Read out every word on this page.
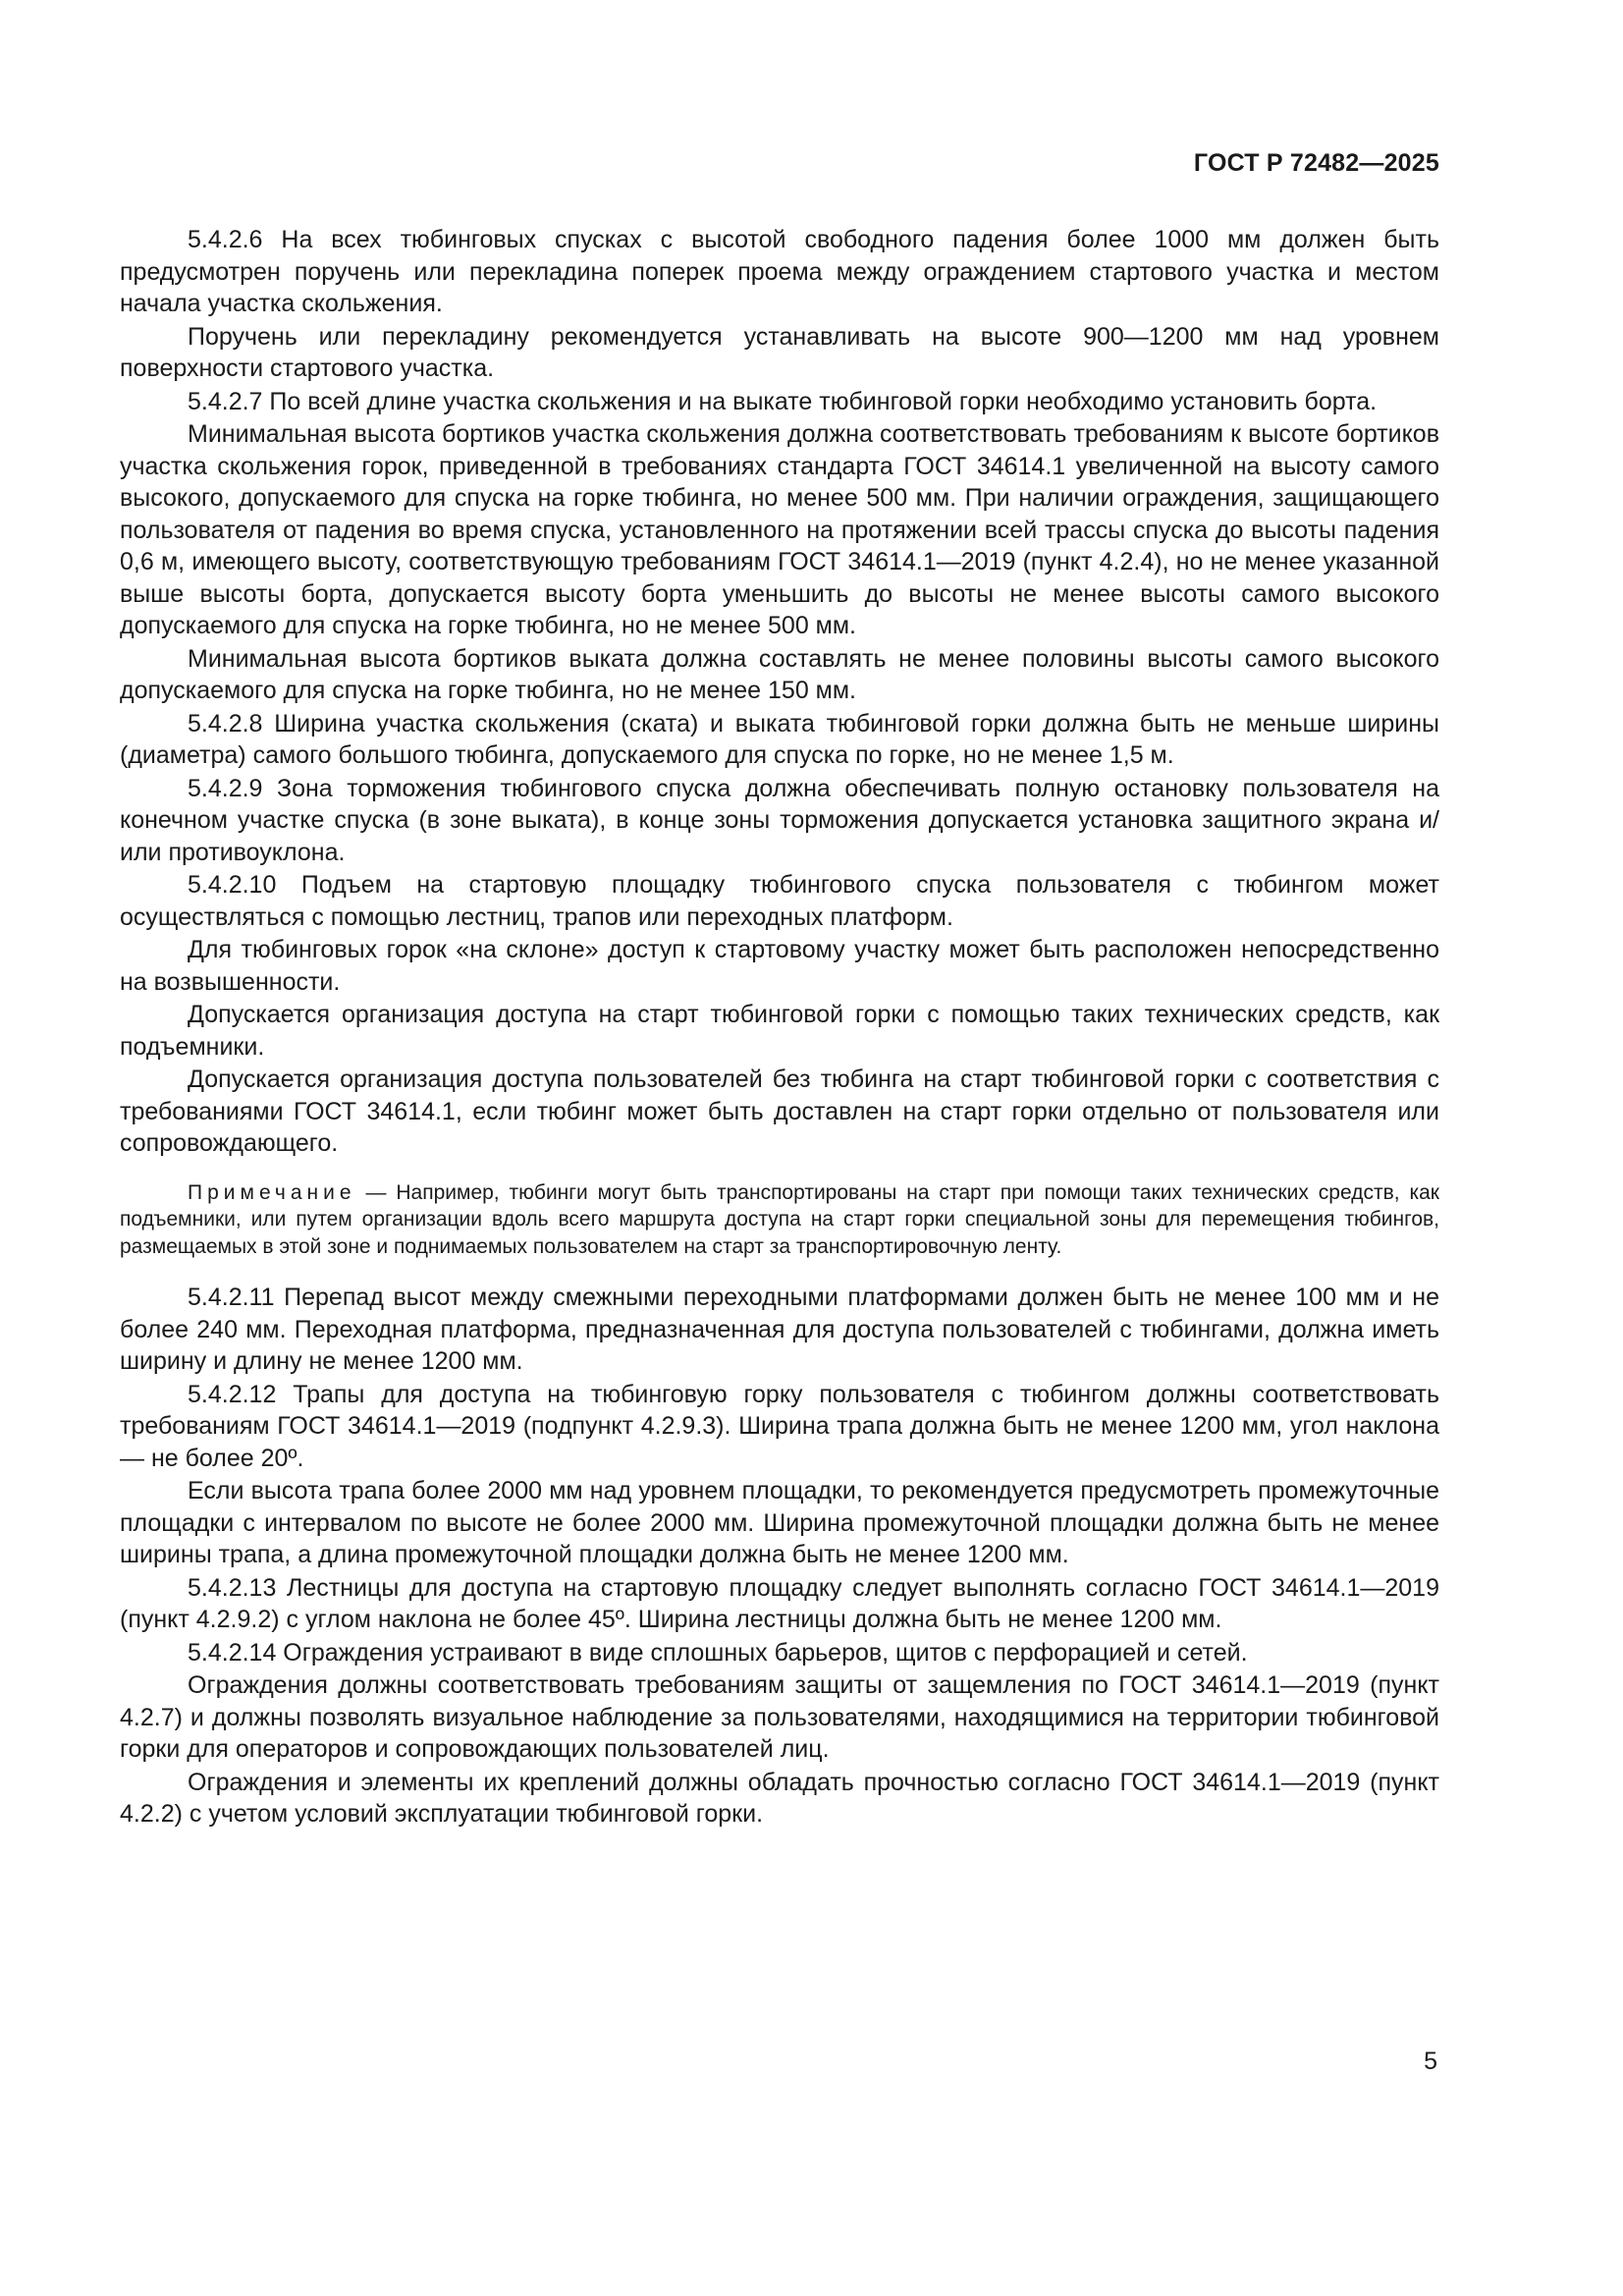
ГОСТ Р 72482—2025

5.4.2.6 На всех тюбинговых спусках с высотой свободного падения более 1000 мм должен быть предусмотрен поручень или перекладина поперек проема между ограждением стартового участка и местом начала участка скольжения.

Поручень или перекладину рекомендуется устанавливать на высоте 900—1200 мм над уровнем поверхности стартового участка.

5.4.2.7 По всей длине участка скольжения и на выкате тюбинговой горки необходимо установить борта.

Минимальная высота бортиков участка скольжения должна соответствовать требованиям к высоте бортиков участка скольжения горок, приведенной в требованиях стандарта ГОСТ 34614.1 увеличенной на высоту самого высокого, допускаемого для спуска на горке тюбинга, но менее 500 мм. При наличии ограждения, защищающего пользователя от падения во время спуска, установленного на протяжении всей трассы спуска до высоты падения 0,6 м, имеющего высоту, соответствующую требованиям ГОСТ 34614.1—2019 (пункт 4.2.4), но не менее указанной выше высоты борта, допускается высоту борта уменьшить до высоты не менее высоты самого высокого допускаемого для спуска на горке тюбинга, но не менее 500 мм.

Минимальная высота бортиков выката должна составлять не менее половины высоты самого высокого допускаемого для спуска на горке тюбинга, но не менее 150 мм.

5.4.2.8 Ширина участка скольжения (ската) и выката тюбинговой горки должна быть не меньше ширины (диаметра) самого большого тюбинга, допускаемого для спуска по горке, но не менее 1,5 м.

5.4.2.9 Зона торможения тюбингового спуска должна обеспечивать полную остановку пользователя на конечном участке спуска (в зоне выката), в конце зоны торможения допускается установка защитного экрана и/или противоуклона.

5.4.2.10 Подъем на стартовую площадку тюбингового спуска пользователя с тюбингом может осуществляться с помощью лестниц, трапов или переходных платформ.

Для тюбинговых горок «на склоне» доступ к стартовому участку может быть расположен непосредственно на возвышенности.

Допускается организация доступа на старт тюбинговой горки с помощью таких технических средств, как подъемники.

Допускается организация доступа пользователей без тюбинга на старт тюбинговой горки с соответствия с требованиями ГОСТ 34614.1, если тюбинг может быть доставлен на старт горки отдельно от пользователя или сопровождающего.

Примечание — Например, тюбинги могут быть транспортированы на старт при помощи таких технических средств, как подъемники, или путем организации вдоль всего маршрута доступа на старт горки специальной зоны для перемещения тюбингов, размещаемых в этой зоне и поднимаемых пользователем на старт за транспортировочную ленту.

5.4.2.11 Перепад высот между смежными переходными платформами должен быть не менее 100 мм и не более 240 мм. Переходная платформа, предназначенная для доступа пользователей с тюбингами, должна иметь ширину и длину не менее 1200 мм.

5.4.2.12 Трапы для доступа на тюбинговую горку пользователя с тюбингом должны соответствовать требованиям ГОСТ 34614.1—2019 (подпункт 4.2.9.3). Ширина трапа должна быть не менее 1200 мм, угол наклона — не более 20º.

Если высота трапа более 2000 мм над уровнем площадки, то рекомендуется предусмотреть промежуточные площадки с интервалом по высоте не более 2000 мм. Ширина промежуточной площадки должна быть не менее ширины трапа, а длина промежуточной площадки должна быть не менее 1200 мм.

5.4.2.13 Лестницы для доступа на стартовую площадку следует выполнять согласно ГОСТ 34614.1—2019 (пункт 4.2.9.2) с углом наклона не более 45º. Ширина лестницы должна быть не менее 1200 мм.

5.4.2.14 Ограждения устраивают в виде сплошных барьеров, щитов с перфорацией и сетей.

Ограждения должны соответствовать требованиям защиты от защемления по ГОСТ 34614.1—2019 (пункт 4.2.7) и должны позволять визуальное наблюдение за пользователями, находящимися на территории тюбинговой горки для операторов и сопровождающих пользователей лиц.

Ограждения и элементы их креплений должны обладать прочностью согласно ГОСТ 34614.1—2019 (пункт 4.2.2) с учетом условий эксплуатации тюбинговой горки.

5
